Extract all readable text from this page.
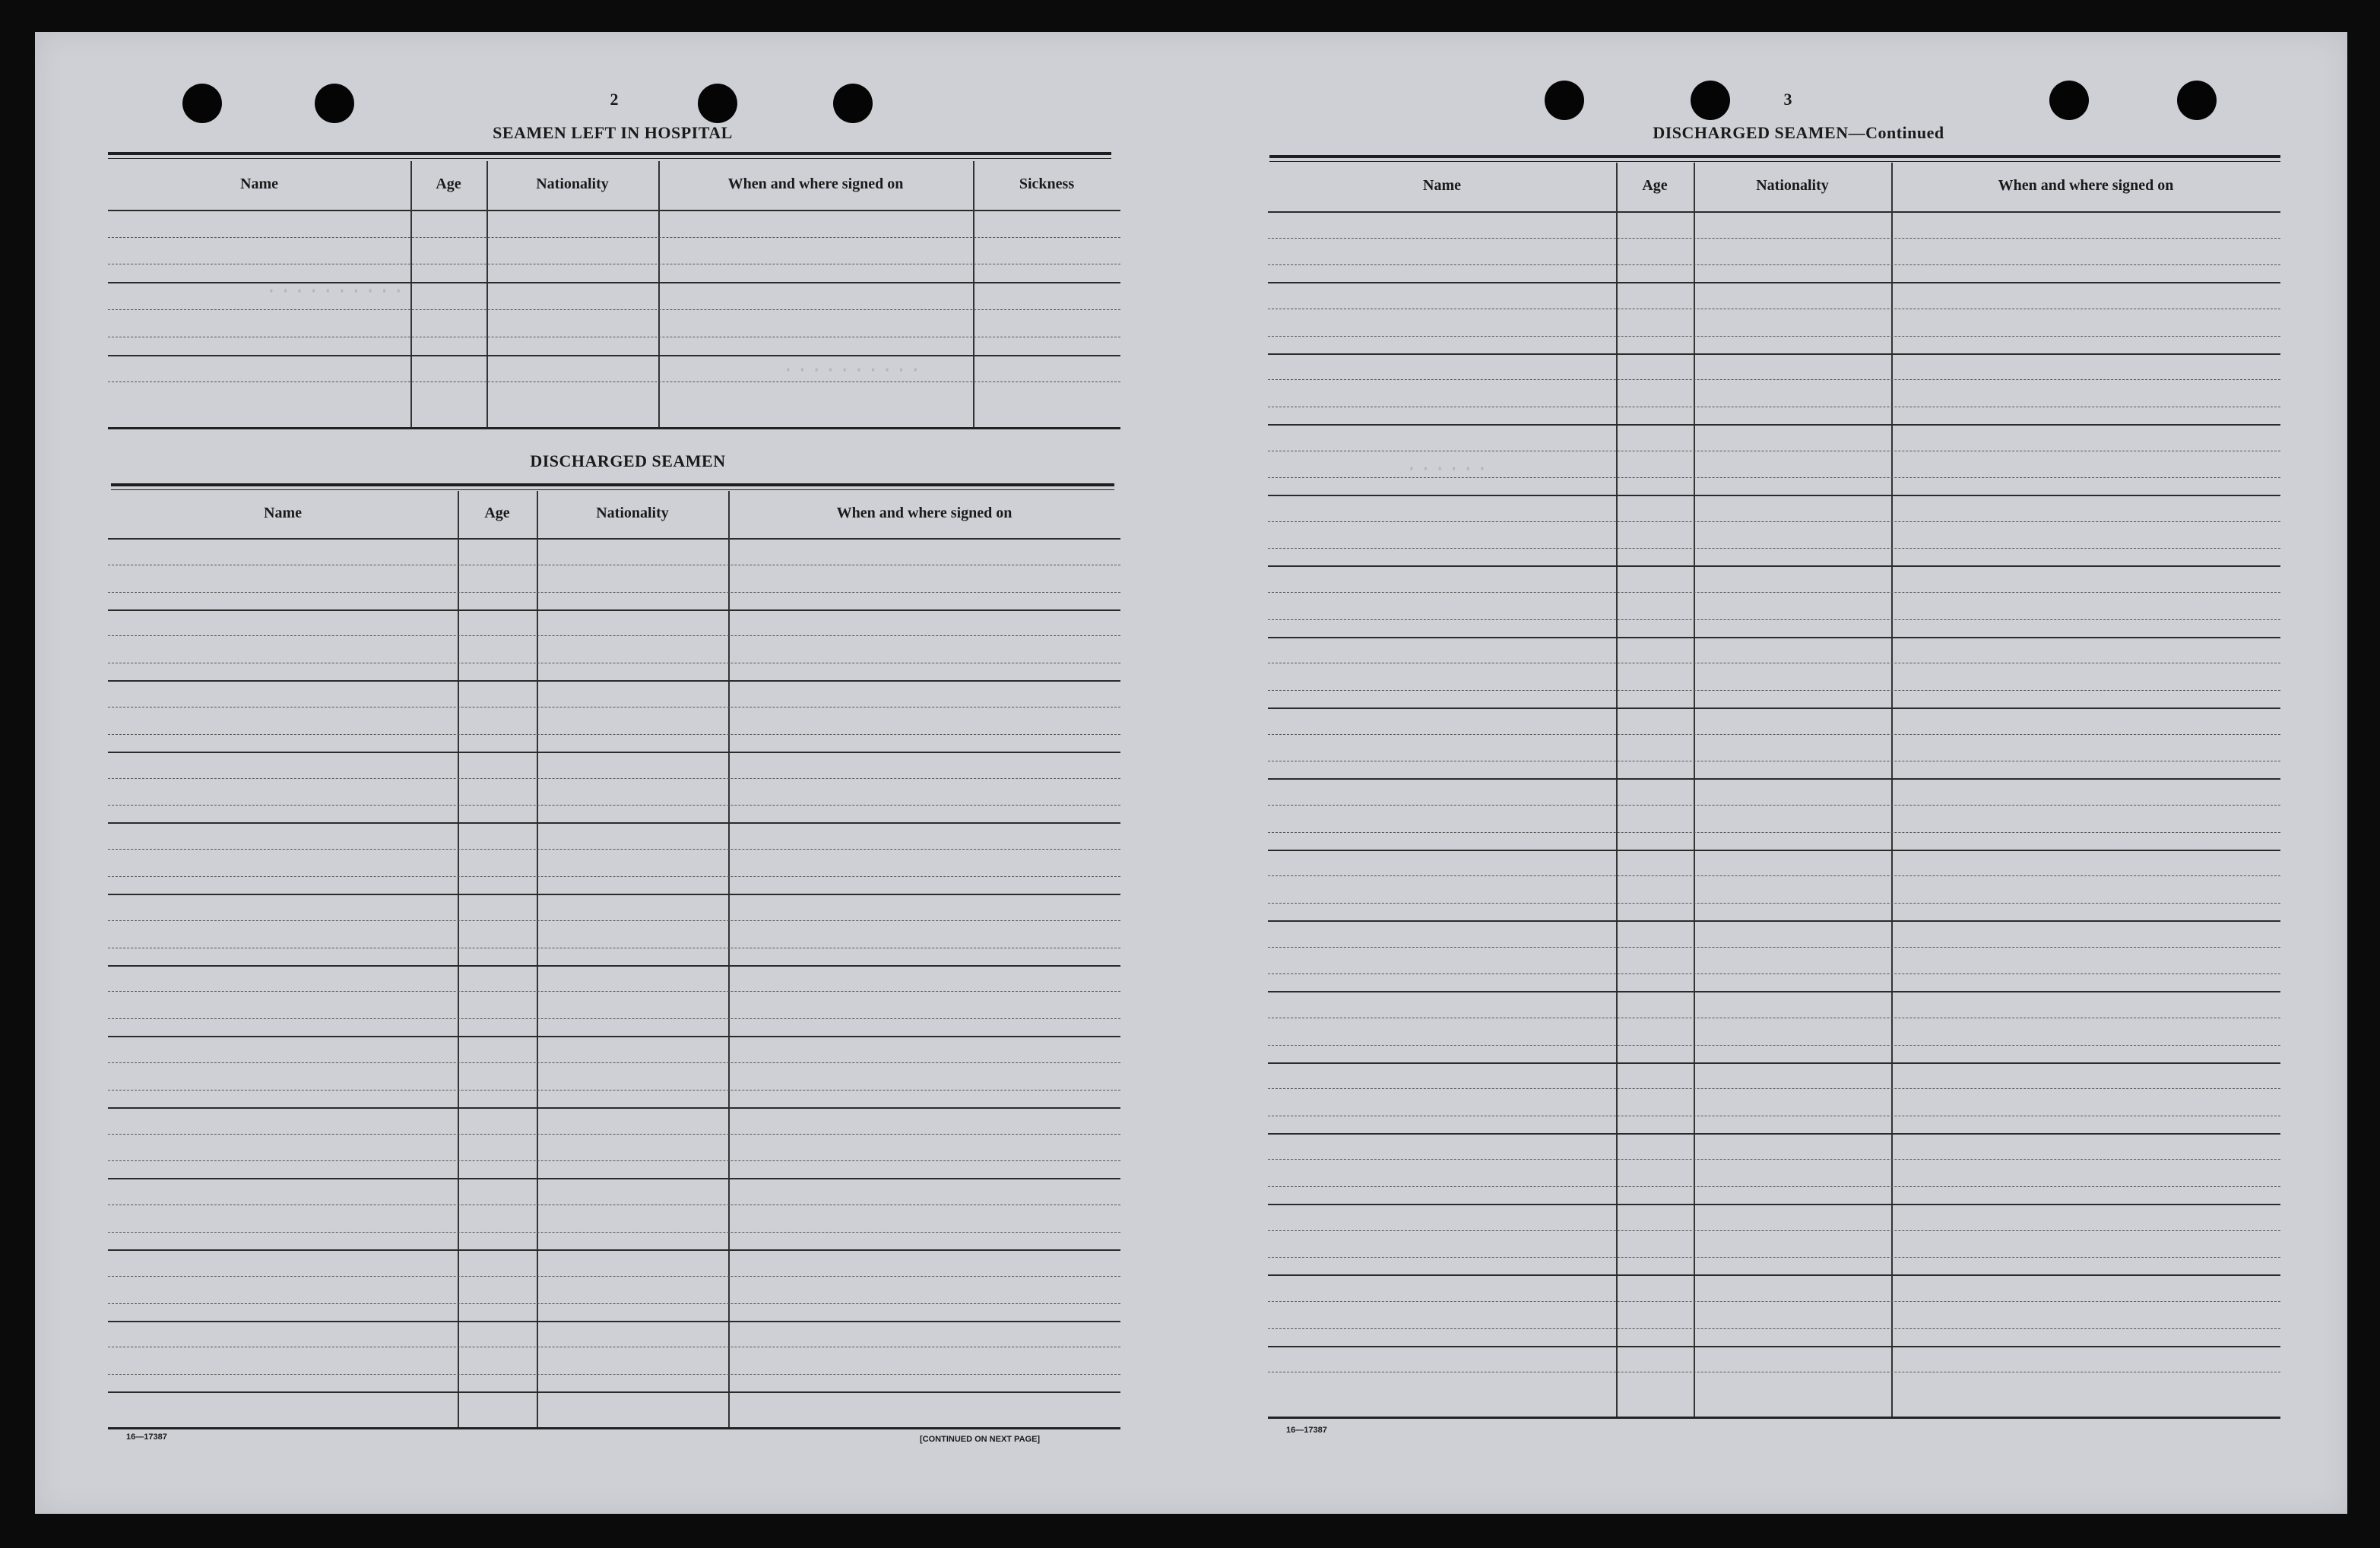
··········
··········
······
2
SEAMEN LEFT IN HOSPITAL
DISCHARGED SEAMEN
16—17387	[CONTINUED ON NEXT PAGE]
3
DISCHARGED SEAMEN—Continued
16—17387
Name	Age	Nationality	When and where signed on	Sickness
Name	Age	Nationality	When and where signed on
Name	Age	Nationality	When and where signed on
